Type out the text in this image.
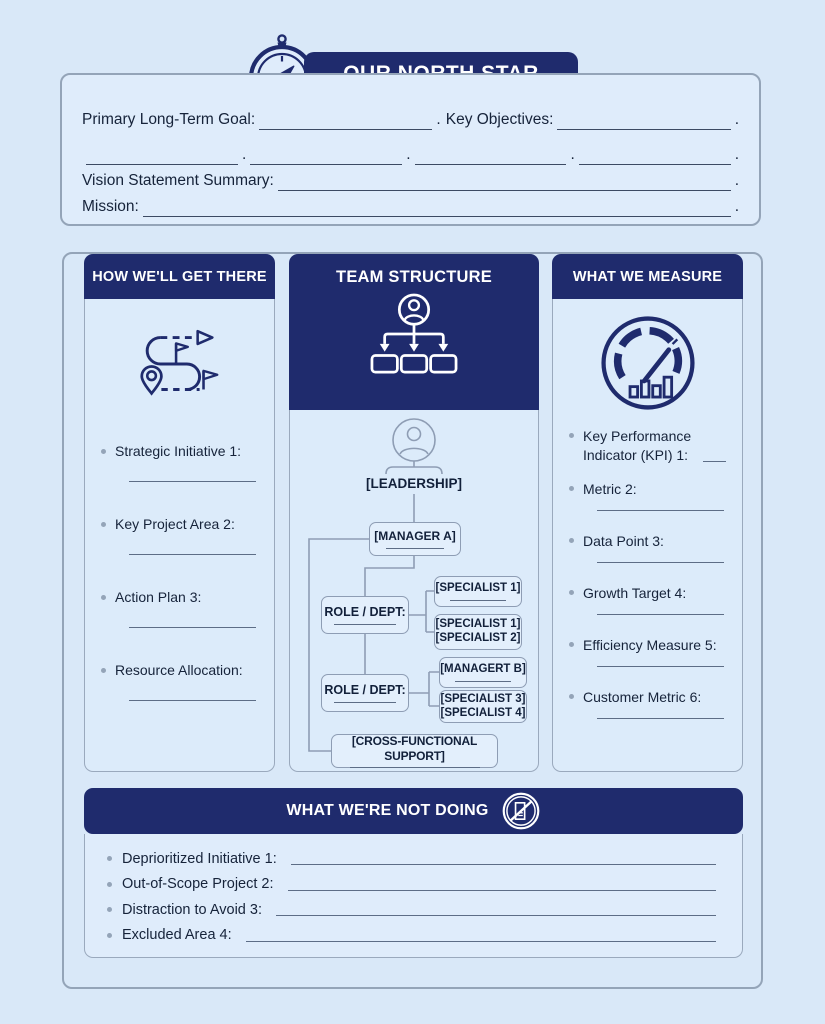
Primary Long-Term Goal:	. Key Objectives:	.
.	.	.	.
Vision Statement Summary:	.
Mission:	.
HOW WE'LL GET THERE
Strategic Initiative 1:
Key Project Area 2:
Action Plan 3:
Resource Allocation:
TEAM STRUCTURE
[LEADERSHIP]
[MANAGER A]
ROLE / DEPT:
[SPECIALIST 1]
[SPECIALIST 1]
[SPECIALIST 2]
ROLE / DEPT:
[MANAGERT B]
[SPECIALIST 3]
[SPECIALIST 4]
[CROSS-FUNCTIONAL SUPPORT]
WHAT WE MEASURE
Key Performance Indicator (KPI) 1:
Metric 2:
Data Point 3:
Growth Target 4:
Efficiency Measure 5:
Customer Metric 6:
WHAT WE'RE NOT DOING
Deprioritized Initiative 1:
Out-of-Scope Project 2:
Distraction to Avoid 3:
Excluded Area 4:
